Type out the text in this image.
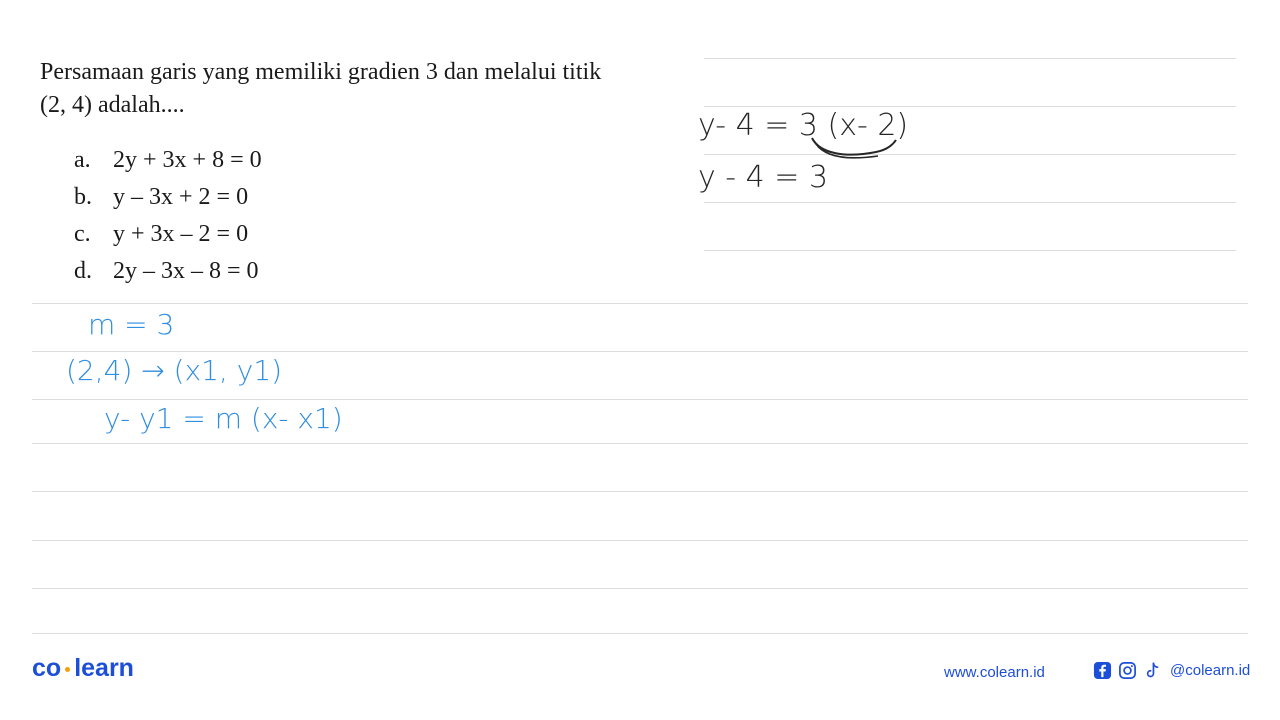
Persamaan garis yang memiliki gradien 3 dan melalui titik
(2, 4) adalah....
a. 2y + 3x + 8 = 0
b. y – 3x + 2 = 0
c. y + 3x – 2 = 0
d. 2y – 3x – 8 = 0
y- 4 = 3 (x- 2)
y - 4 = 3
m = 3
(2,4) → (x1, y1)
y- y1 = m (x- x1)
co learn	www.colearn.id	@colearn.id
